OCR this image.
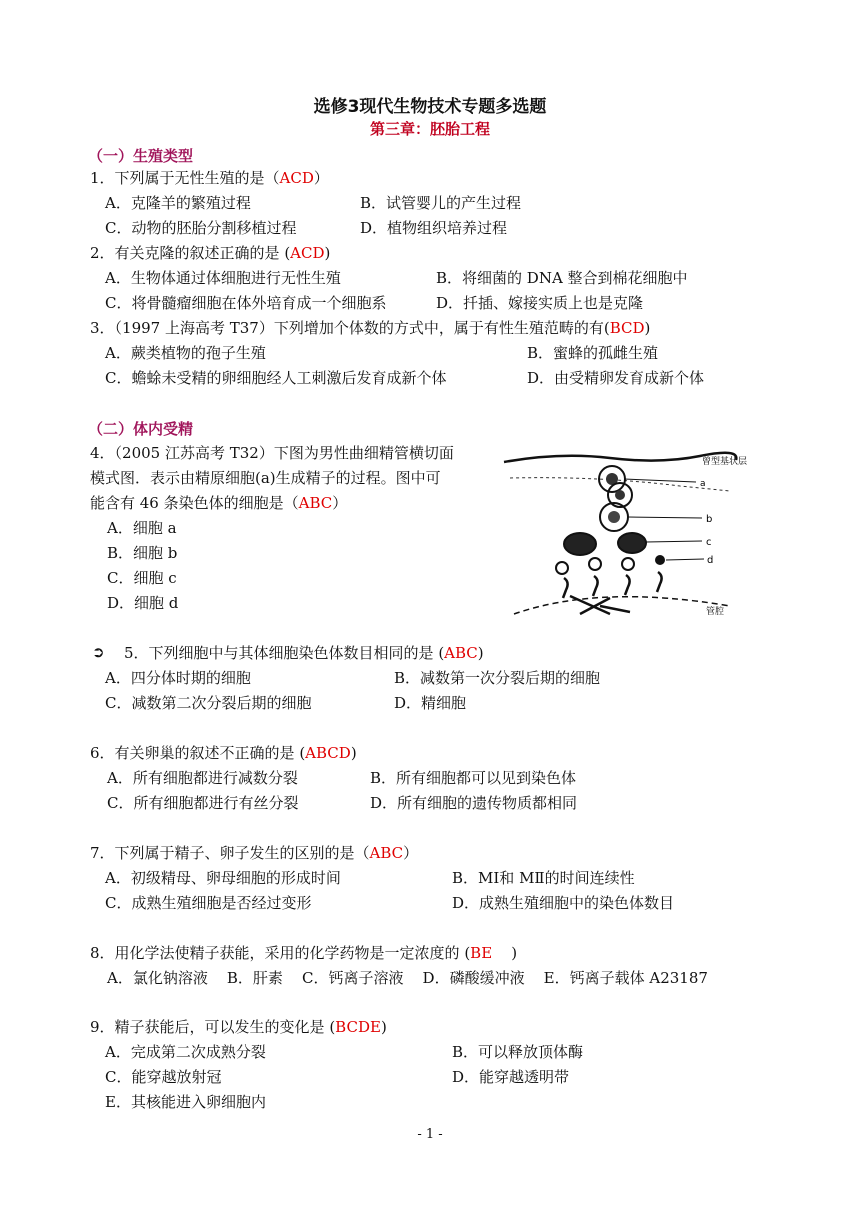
选修3现代生物技术专题多选题
第三章：胚胎工程
（一）生殖类型
1．下列属于无性生殖的是（ACD）
A．克隆羊的繁殖过程	B．试管婴儿的产生过程
C．动物的胚胎分割移植过程	D．植物组织培养过程
2．有关克隆的叙述正确的是 (ACD)
A．生物体通过体细胞进行无性生殖	B．将细菌的 DNA 整合到棉花细胞中
C．将骨髓瘤细胞在体外培育成一个细胞系	D．扦插、嫁接实质上也是克隆
3．（1997 上海高考 T37）下列增加个体数的方式中，属于有性生殖范畴的有(BCD)
A．蕨类植物的孢子生殖	B．蜜蜂的孤雌生殖
C．蟾蜍未受精的卵细胞经人工刺激后发育成新个体	D．由受精卵发育成新个体
（二）体内受精
4．（2005 江苏高考 T32）下图为男性曲细精管横切面
模式图．表示由精原细胞(a)生成精子的过程。图中可
能含有 46 条染色体的细胞是（ABC）
A．细胞 a
B．细胞 b
C．细胞 c
D．细胞 d
曾型基状层
a
b
c
d
管腔
➲ 5．下列细胞中与其体细胞染色体数目相同的是 (ABC)
A．四分体时期的细胞	B．减数第一次分裂后期的细胞
C．减数第二次分裂后期的细胞	D．精细胞
6．有关卵巢的叙述不正确的是 (ABCD)
A．所有细胞都进行减数分裂	B．所有细胞都可以见到染色体
C．所有细胞都进行有丝分裂	D．所有细胞的遗传物质都相同
7．下列属于精子、卵子发生的区别的是（ABC）
A．初级精母、卵母细胞的形成时间	B．MⅠ和 MⅡ的时间连续性
C．成熟生殖细胞是否经过变形	D．成熟生殖细胞中的染色体数目
8．用化学法使精子获能，采用的化学药物是一定浓度的 (BE    )
A．氯化钠溶液    B．肝素    C．钙离子溶液    D．磷酸缓冲液    E．钙离子载体 A23187
9．精子获能后，可以发生的变化是 (BCDE)
A．完成第二次成熟分裂	B．可以释放顶体酶
C．能穿越放射冠	D．能穿越透明带
E．其核能进入卵细胞内
- 1 -
